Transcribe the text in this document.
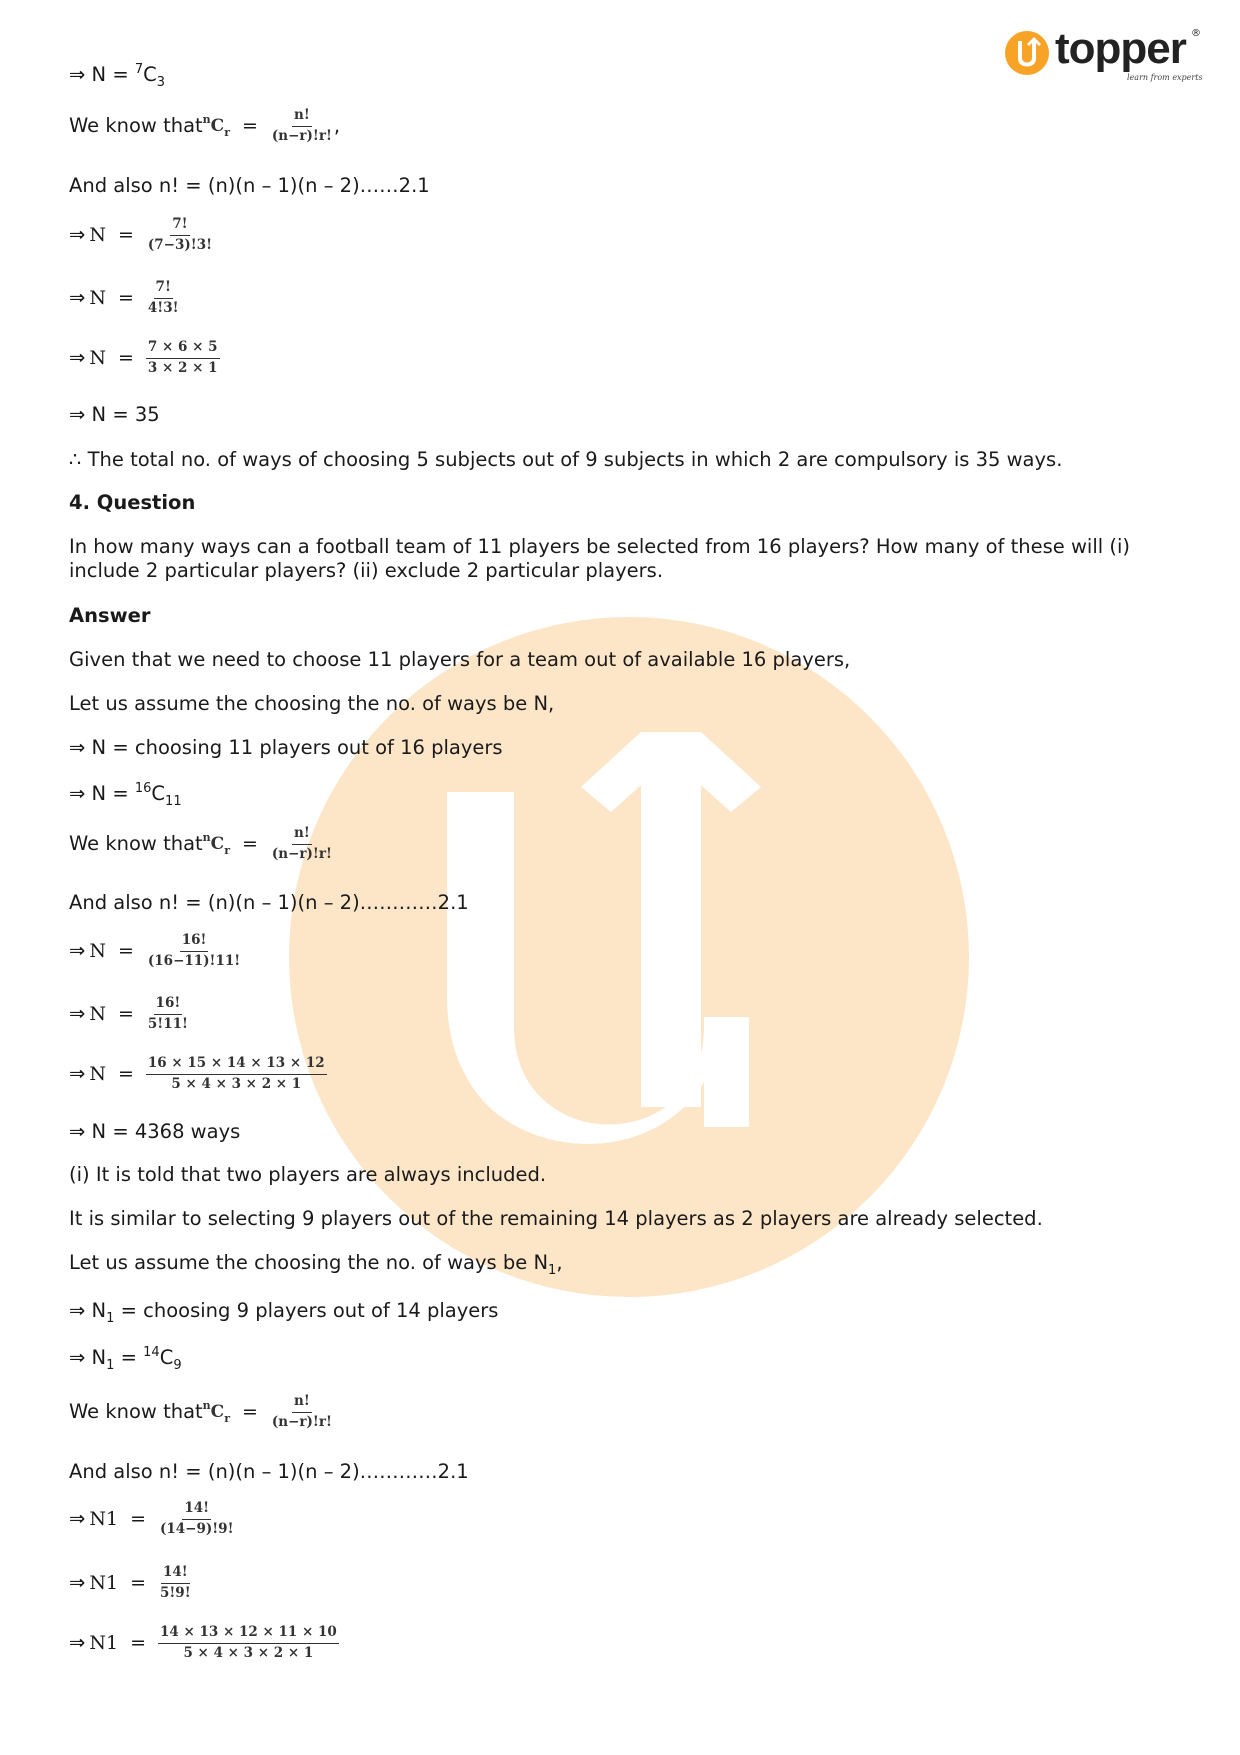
topper
learn from experts
®
⇒ $N = ^7C_3$
We know that $^nC_r = \frac{n!}{(n-r)!r!}$ ,
And also n! = (n)(n – 1)(n – 2)……2.1
⇒ $N = \frac{7!}{(7-3)!3!}$
⇒ $N = \frac{7!}{4!3!}$
⇒ $N = \frac{7 \times 6 \times 5}{3 \times 2 \times 1}$
⇒ N = 35
∴ The total no. of ways of choosing 5 subjects out of 9 subjects in which 2 are compulsory is 35 ways.
4. Question
In how many ways can a football team of 11 players be selected from 16 players? How many of these will (i) include 2 particular players? (ii) exclude 2 particular players.
Answer
Given that we need to choose 11 players for a team out of available 16 players,
Let us assume the choosing the no. of ways be N,
⇒ N = choosing 11 players out of 16 players
⇒ $N = ^{16}C_{11}$
We know that $^nC_r = \frac{n!}{(n-r)!r!}$
And also n! = (n)(n – 1)(n – 2)…………2.1
⇒ $N = \frac{16!}{(16-11)!11!}$
⇒ $N = \frac{16!}{5!11!}$
⇒ $N = \frac{16 \times 15 \times 14 \times 13 \times 12}{5 \times 4 \times 3 \times 2 \times 1}$
⇒ N = 4368 ways
(i) It is told that two players are always included.
It is similar to selecting 9 players out of the remaining 14 players as 2 players are already selected.
Let us assume the choosing the no. of ways be $N_1$,
⇒ $N_1$ = choosing 9 players out of 14 players
⇒ $N_1 = ^{14}C_9$
We know that $^nC_r = \frac{n!}{(n-r)!r!}$
And also n! = (n)(n – 1)(n – 2)…………2.1
⇒ N $1 = \frac{14!}{(14-9)!9!}$
⇒ N $1 = \frac{14!}{5!9!}$
⇒ N $1 = \frac{14 \times 13 \times 12 \times 11 \times 10}{5 \times 4 \times 3 \times 2 \times 1}$
